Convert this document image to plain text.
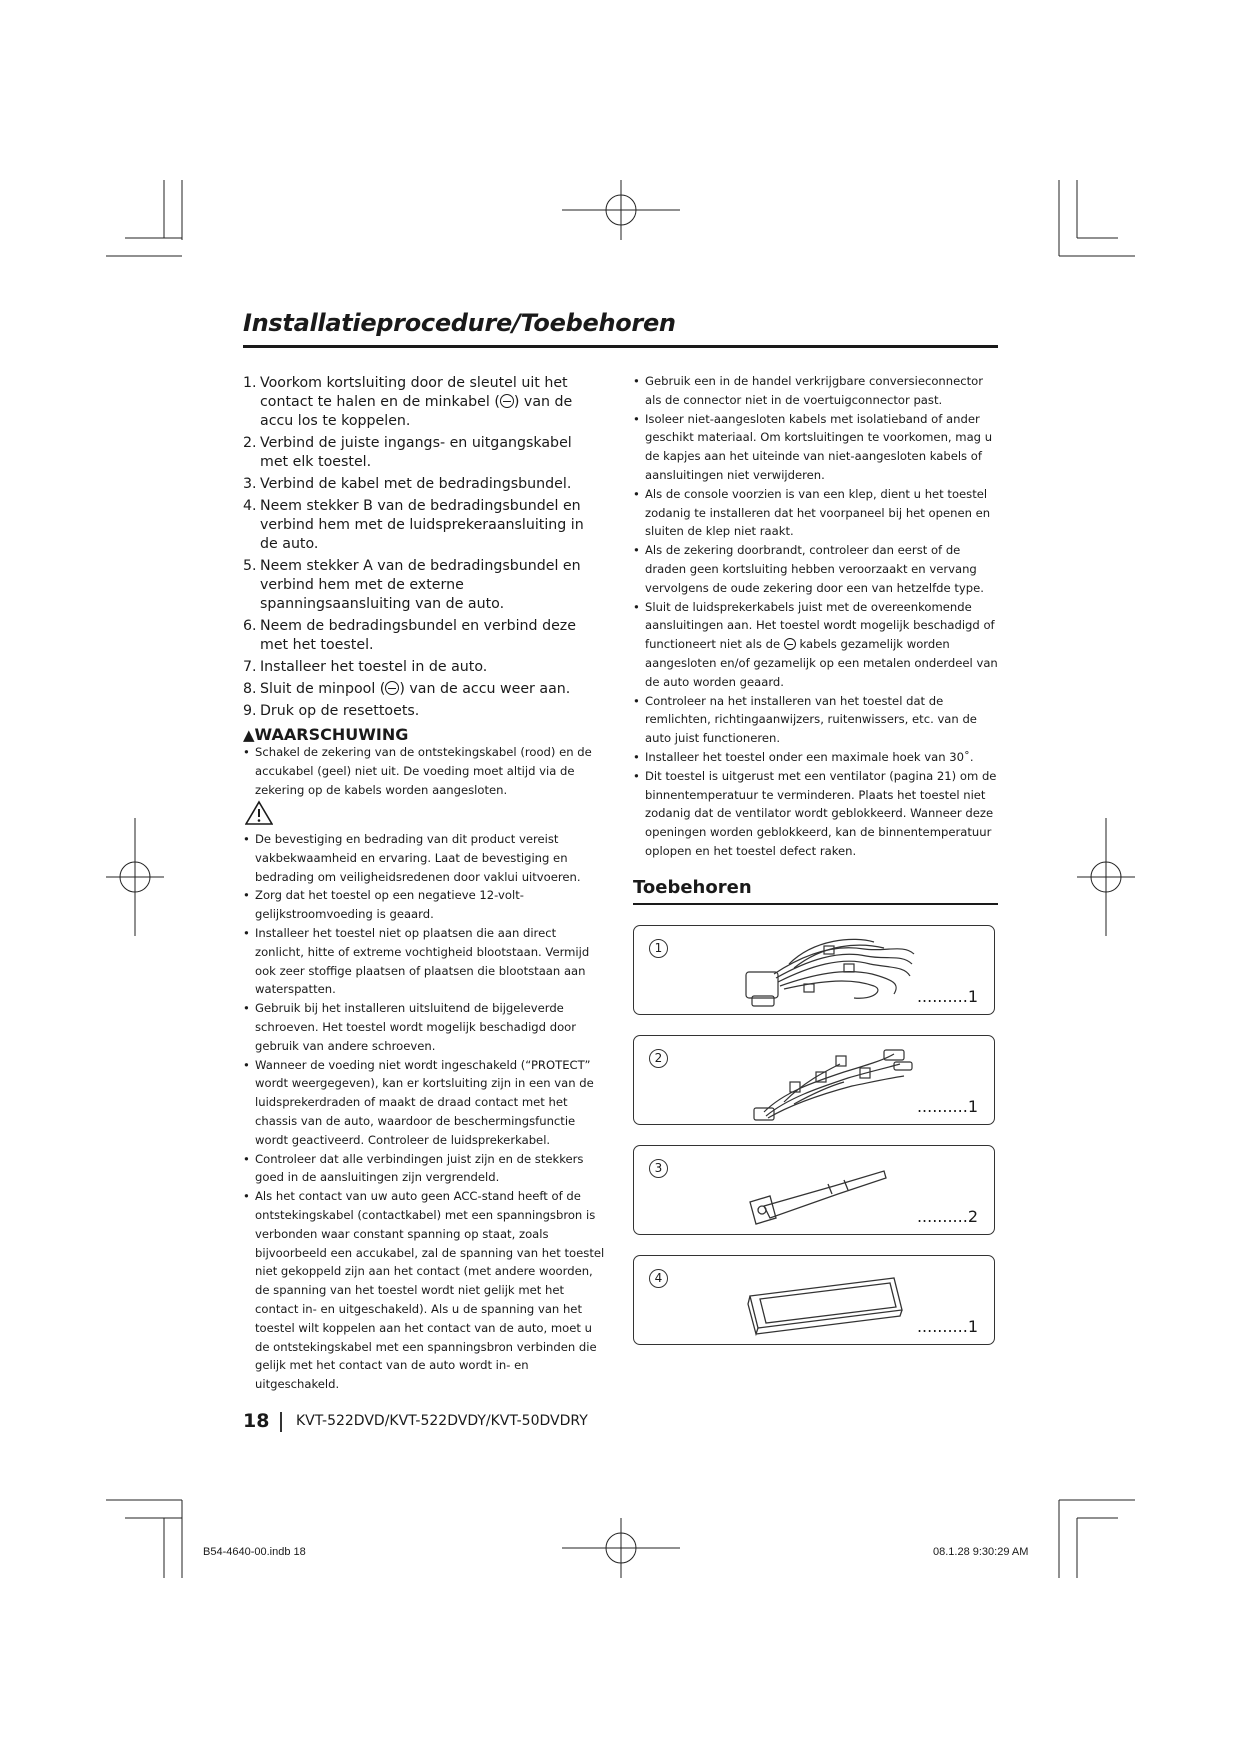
Installatieprocedure/Toebehoren
1. Voorkom kortsluiting door de sleutel uit het contact te halen en de minkabel ( ) van de accu los te koppelen.
2. Verbind de juiste ingangs- en uitgangskabel met elk toestel.
3. Verbind de kabel met de bedradingsbundel.
4. Neem stekker B van de bedradingsbundel en verbind hem met de luidsprekeraansluiting in de auto.
5. Neem stekker A van de bedradingsbundel en verbind hem met de externe spanningsaansluiting van de auto.
6. Neem de bedradingsbundel en verbind deze met het toestel.
7. Installeer het toestel in de auto.
8. Sluit de minpool ( ) van de accu weer aan.
9. Druk op de resettoets.
▲WAARSCHUWING
• Schakel de zekering van de ontstekingskabel (rood) en de accukabel (geel) niet uit. De voeding moet altijd via de zekering op de kabels worden aangesloten.
• De bevestiging en bedrading van dit product vereist vakbekwaamheid en ervaring. Laat de bevestiging en bedrading om veiligheidsredenen door vaklui uitvoeren.
• Zorg dat het toestel op een negatieve 12-volt-gelijkstroomvoeding is geaard.
• Installeer het toestel niet op plaatsen die aan direct zonlicht, hitte of extreme vochtigheid blootstaan. Vermijd ook zeer stoffige plaatsen of plaatsen die blootstaan aan waterspatten.
• Gebruik bij het installeren uitsluitend de bijgeleverde schroeven. Het toestel wordt mogelijk beschadigd door gebruik van andere schroeven.
• Wanneer de voeding niet wordt ingeschakeld (“PROTECT” wordt weergegeven), kan er kortsluiting zijn in een van de luidsprekerdraden of maakt de draad contact met het chassis van de auto, waardoor de beschermingsfunctie wordt geactiveerd. Controleer de luidsprekerkabel.
• Controleer dat alle verbindingen juist zijn en de stekkers goed in de aansluitingen zijn vergrendeld.
• Als het contact van uw auto geen ACC-stand heeft of de ontstekingskabel (contactkabel) met een spanningsbron is verbonden waar constant spanning op staat, zoals bijvoorbeeld een accukabel, zal de spanning van het toestel niet gekoppeld zijn aan het contact (met andere woorden, de spanning van het toestel wordt niet gelijk met het contact in- en uitgeschakeld). Als u de spanning van het toestel wilt koppelen aan het contact van de auto, moet u de ontstekingskabel met een spanningsbron verbinden die gelijk met het contact van de auto wordt in- en uitgeschakeld.
• Gebruik een in de handel verkrijgbare conversieconnector als de connector niet in de voertuigconnector past.
• Isoleer niet-aangesloten kabels met isolatieband of ander geschikt materiaal. Om kortsluitingen te voorkomen, mag u de kapjes aan het uiteinde van niet-aangesloten kabels of aansluitingen niet verwijderen.
• Als de console voorzien is van een klep, dient u het toestel zodanig te installeren dat het voorpaneel bij het openen en sluiten de klep niet raakt.
• Als de zekering doorbrandt, controleer dan eerst of de draden geen kortsluiting hebben veroorzaakt en vervang vervolgens de oude zekering door een van hetzelfde type.
• Sluit de luidsprekerkabels juist met de overeenkomende aansluitingen aan. Het toestel wordt mogelijk beschadigd of functioneert niet als de  kabels gezamelijk worden aangesloten en/of gezamelijk op een metalen onderdeel van de auto worden geaard.
• Controleer na het installeren van het toestel dat de remlichten, richtingaanwijzers, ruitenwissers, etc. van de auto juist functioneren.
• Installeer het toestel onder een maximale hoek van 30˚.
• Dit toestel is uitgerust met een ventilator (pagina 21) om de binnentemperatuur te verminderen. Plaats het toestel niet zodanig dat de ventilator wordt geblokkeerd. Wanneer deze openingen worden geblokkeerd, kan de binnentemperatuur oplopen en het toestel defect raken.
Toebehoren
1
..........1
2
..........1
3
..........2
4
..........1
18 KVT-522DVD/KVT-522DVDY/KVT-50DVDRY
B54-4640-00.indb 18	08.1.28 9:30:29 AM
